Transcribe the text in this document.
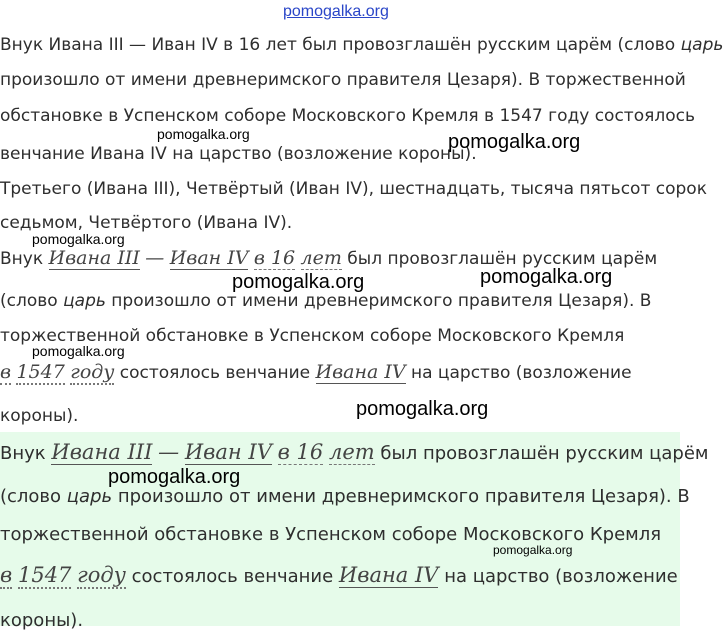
pomogalka.org
Внук Ивана III — Иван IV в 16 лет был провозглашён русским царём (слово царь
произошло от имени древнеримского правителя Цезаря). В торжественной
обстановке в Успенском соборе Московского Кремля в 1547 году состоялось
венчание Ивана IV на царство (возложение короны).
pomogalka.org	pomogalka.org
Третьего (Ивана III), Четвёртый (Иван IV), шестнадцать, тысяча пятьсот сорок
седьмом, Четвёртого (Ивана IV).
pomogalka.org
Внук Ивана III — Иван IV в 16 лет был провозглашён русским царём
pomogalka.org	pomogalka.org
(слово царь произошло от имени древнеримского правителя Цезаря). В
торжественной обстановке в Успенском соборе Московского Кремля
pomogalka.org
в 1547 году состоялось венчание Ивана IV на царство (возложение
короны).	pomogalka.org
Внук Ивана III — Иван IV в 16 лет был провозглашён русским царём
pomogalka.org
(слово царь произошло от имени древнеримского правителя Цезаря). В
торжественной обстановке в Успенском соборе Московского Кремля
pomogalka.org
в 1547 году состоялось венчание Ивана IV на царство (возложение
короны).
